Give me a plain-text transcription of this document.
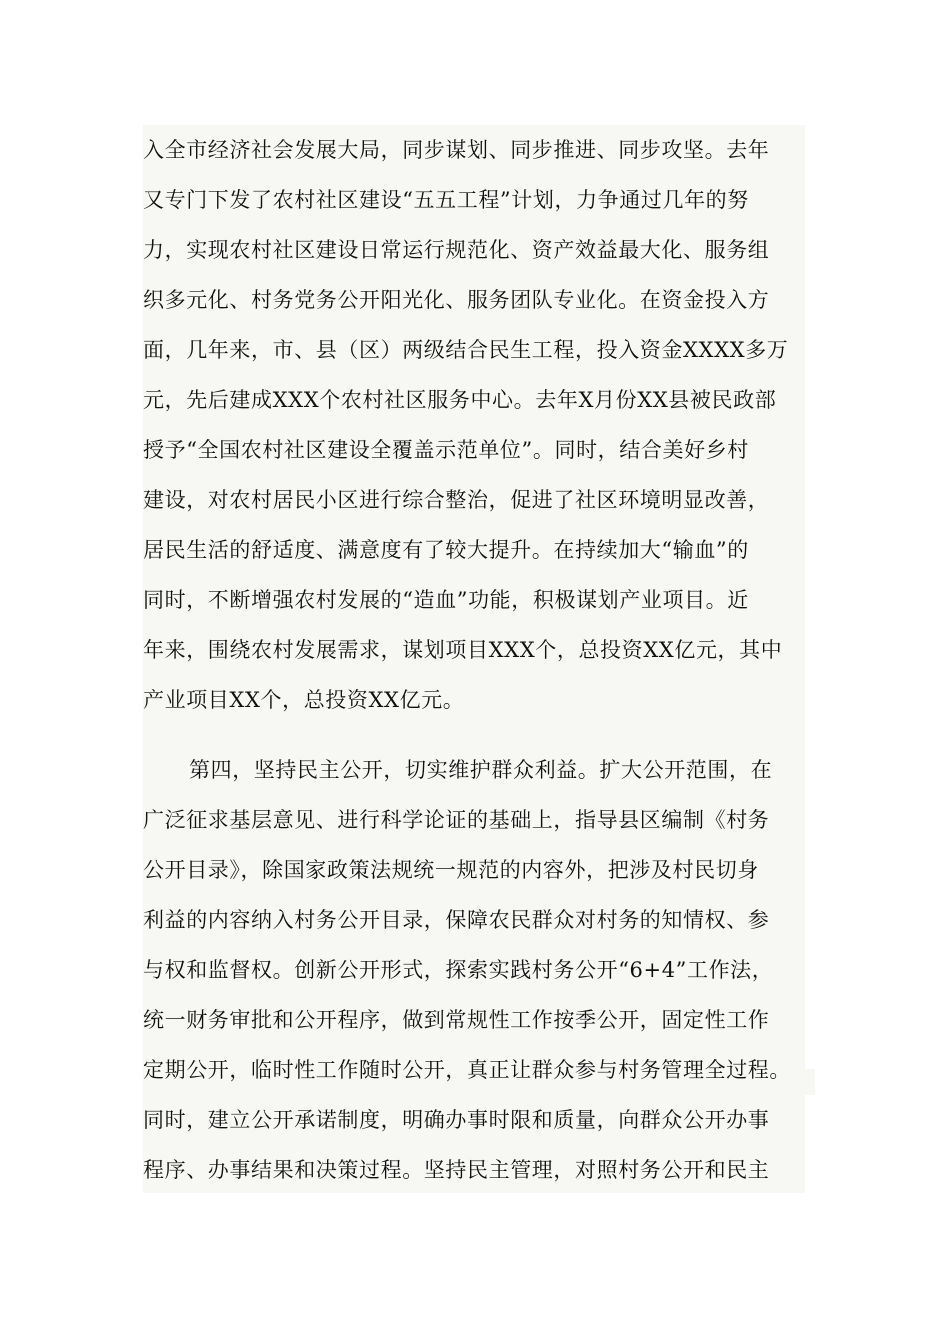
入全市经济社会发展大局，同步谋划、同步推进、同步攻坚。去年
又专门下发了农村社区建设“五五工程”计划，力争通过几年的努
力，实现农村社区建设日常运行规范化、资产效益最大化、服务组
织多元化、村务党务公开阳光化、服务团队专业化。在资金投入方
面，几年来，市、县（区）两级结合民生工程，投入资金XXXX多万
元，先后建成XXX个农村社区服务中心。去年X月份XX县被民政部
授予“全国农村社区建设全覆盖示范单位”。同时，结合美好乡村
建设，对农村居民小区进行综合整治，促进了社区环境明显改善，
居民生活的舒适度、满意度有了较大提升。在持续加大“输血”的
同时，不断增强农村发展的“造血”功能，积极谋划产业项目。近
年来，围绕农村发展需求，谋划项目XXX个，总投资XX亿元，其中
产业项目XX个，总投资XX亿元。
第四，坚持民主公开，切实维护群众利益。扩大公开范围，在
广泛征求基层意见、进行科学论证的基础上，指导县区编制《村务
公开目录》，除国家政策法规统一规范的内容外，把涉及村民切身
利益的内容纳入村务公开目录，保障农民群众对村务的知情权、参
与权和监督权。创新公开形式，探索实践村务公开“6+4”工作法，
统一财务审批和公开程序，做到常规性工作按季公开，固定性工作
定期公开，临时性工作随时公开，真正让群众参与村务管理全过程。
同时，建立公开承诺制度，明确办事时限和质量，向群众公开办事
程序、办事结果和决策过程。坚持民主管理，对照村务公开和民主
